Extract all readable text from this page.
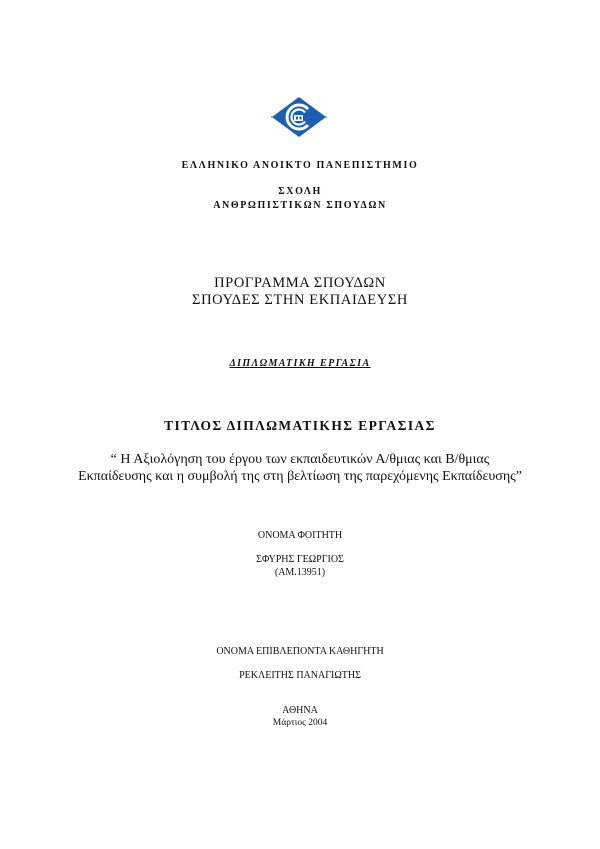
ΕΛΛΗΝΙΚΟ ΑΝΟΙΚΤΟ ΠΑΝΕΠΙΣΤΗΜΙΟ
ΣΧΟΛΗ
ΑΝΘΡΩΠΙΣΤΙΚΩΝ ΣΠΟΥΔΩΝ
ΠΡΟΓΡΑΜΜΑ ΣΠΟΥΔΩΝ
ΣΠΟΥΔΕΣ ΣΤΗΝ ΕΚΠΑΙΔΕΥΣΗ
ΔΙΠΛΩΜΑΤΙΚΗ ΕΡΓΑΣΙΑ
ΤΙΤΛΟΣ ΔΙΠΛΩΜΑΤΙΚΗΣ ΕΡΓΑΣΙΑΣ
“ Η Αξιολόγηση του έργου των εκπαιδευτικών Α/θμιας και Β/θμιας
Εκπαίδευσης και η συμβολή της στη βελτίωση της παρεχόμενης Εκπαίδευσης”
ΟΝΟΜΑ ΦΟΙΤΗΤΗ
ΣΦΥΡΗΣ ΓΕΩΡΓΙΟΣ
(ΑΜ.13951)
ΟΝΟΜΑ ΕΠΙΒΛΕΠΟΝΤΑ ΚΑΘΗΓΗΤΗ
ΡΕΚΛΕΙΤΗΣ ΠΑΝΑΓΙΩΤΗΣ
ΑΘΗΝΑ
Μάρτιος 2004
